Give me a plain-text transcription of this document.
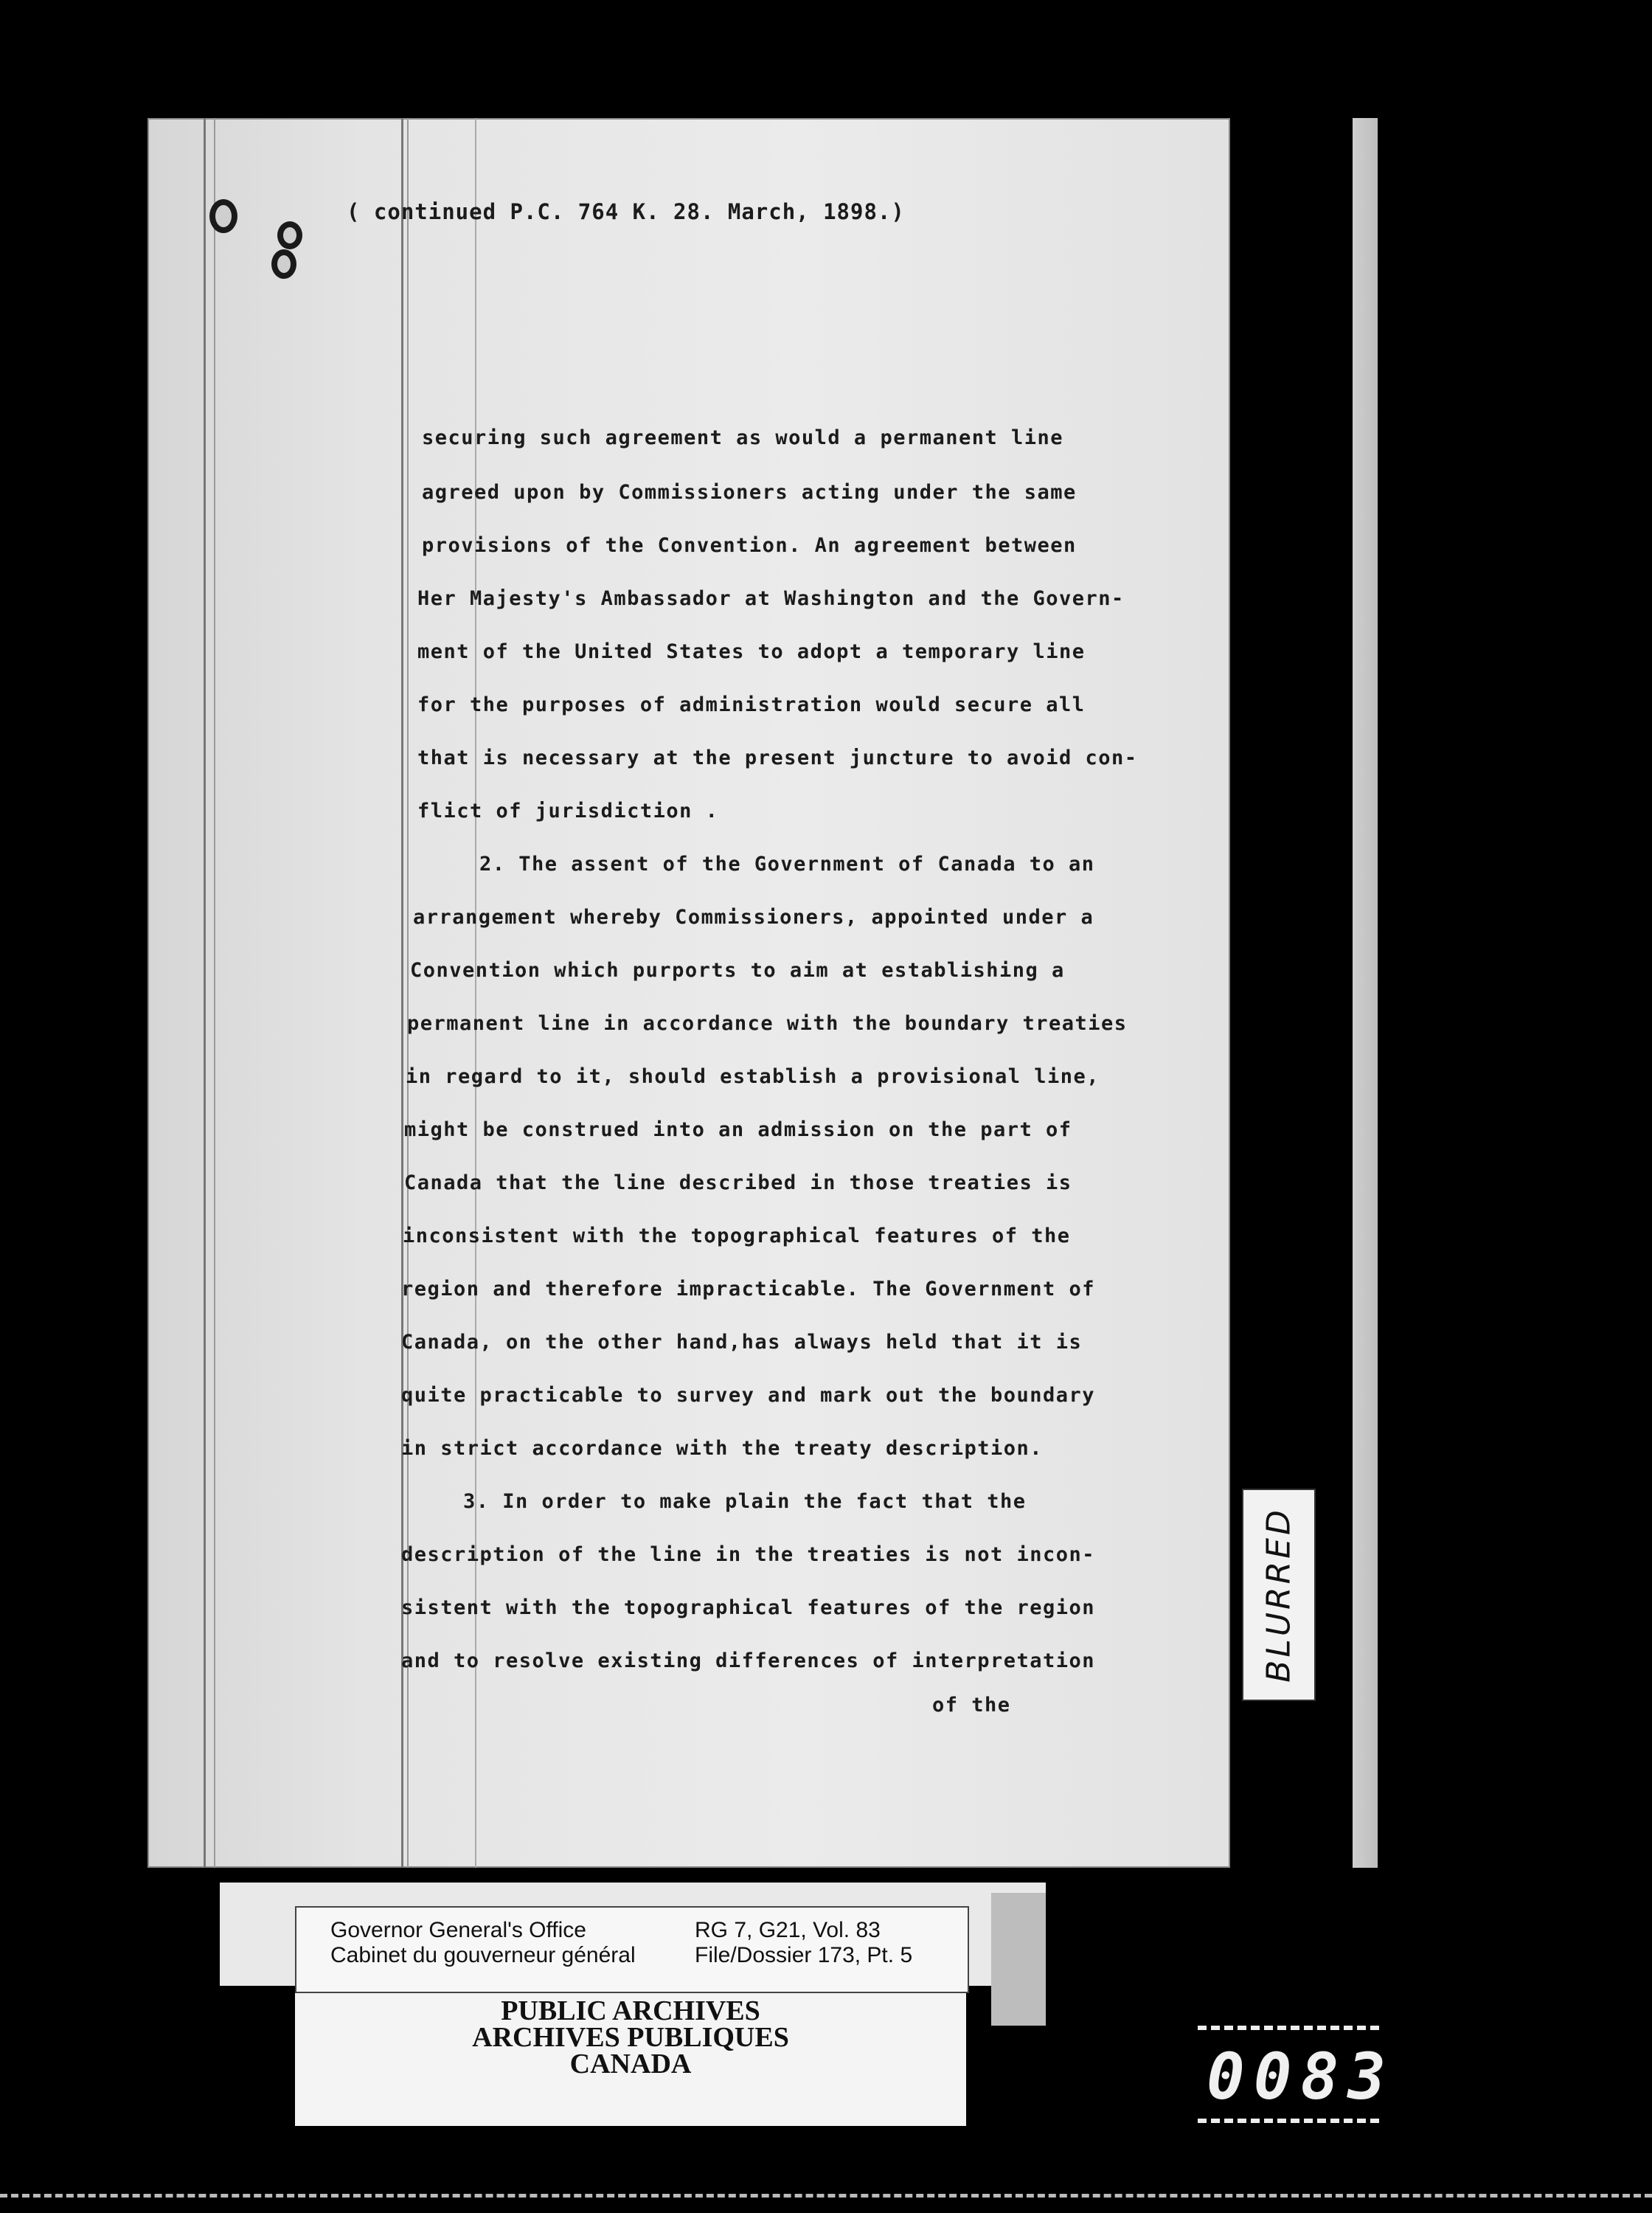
( continued P.C. 764 K. 28. March, 1898.)
securing such agreement as would a permanent line
agreed upon by Commissioners acting under the same
provisions of the Convention. An agreement between
Her Majesty's Ambassador at Washington and the Govern-
ment of the United States to adopt a temporary line
for the purposes of administration would secure all
that is necessary at the present juncture to avoid con-
flict of jurisdiction .
2. The assent of the Government of Canada to an
arrangement whereby Commissioners, appointed under a
Convention which purports to aim at establishing a
permanent line in accordance with the boundary treaties
in regard to it, should establish a provisional line,
might be construed into an admission on the part of
Canada that the line described in those treaties is
inconsistent with the topographical features of the
region and therefore impracticable. The Government of
Canada, on the other hand,has always held that it is
quite practicable to survey and mark out the boundary
in strict accordance with the treaty description.
3. In order to make plain the fact that the
description of the line in the treaties is not incon-
sistent with the topographical features of the region
and to resolve existing differences of interpretation
of the
BLURRED
Governor General's Office
Cabinet du gouverneur général
RG 7, G21, Vol. 83
File/Dossier 173, Pt. 5
PUBLIC ARCHIVES
ARCHIVES PUBLIQUES
CANADA	0083
